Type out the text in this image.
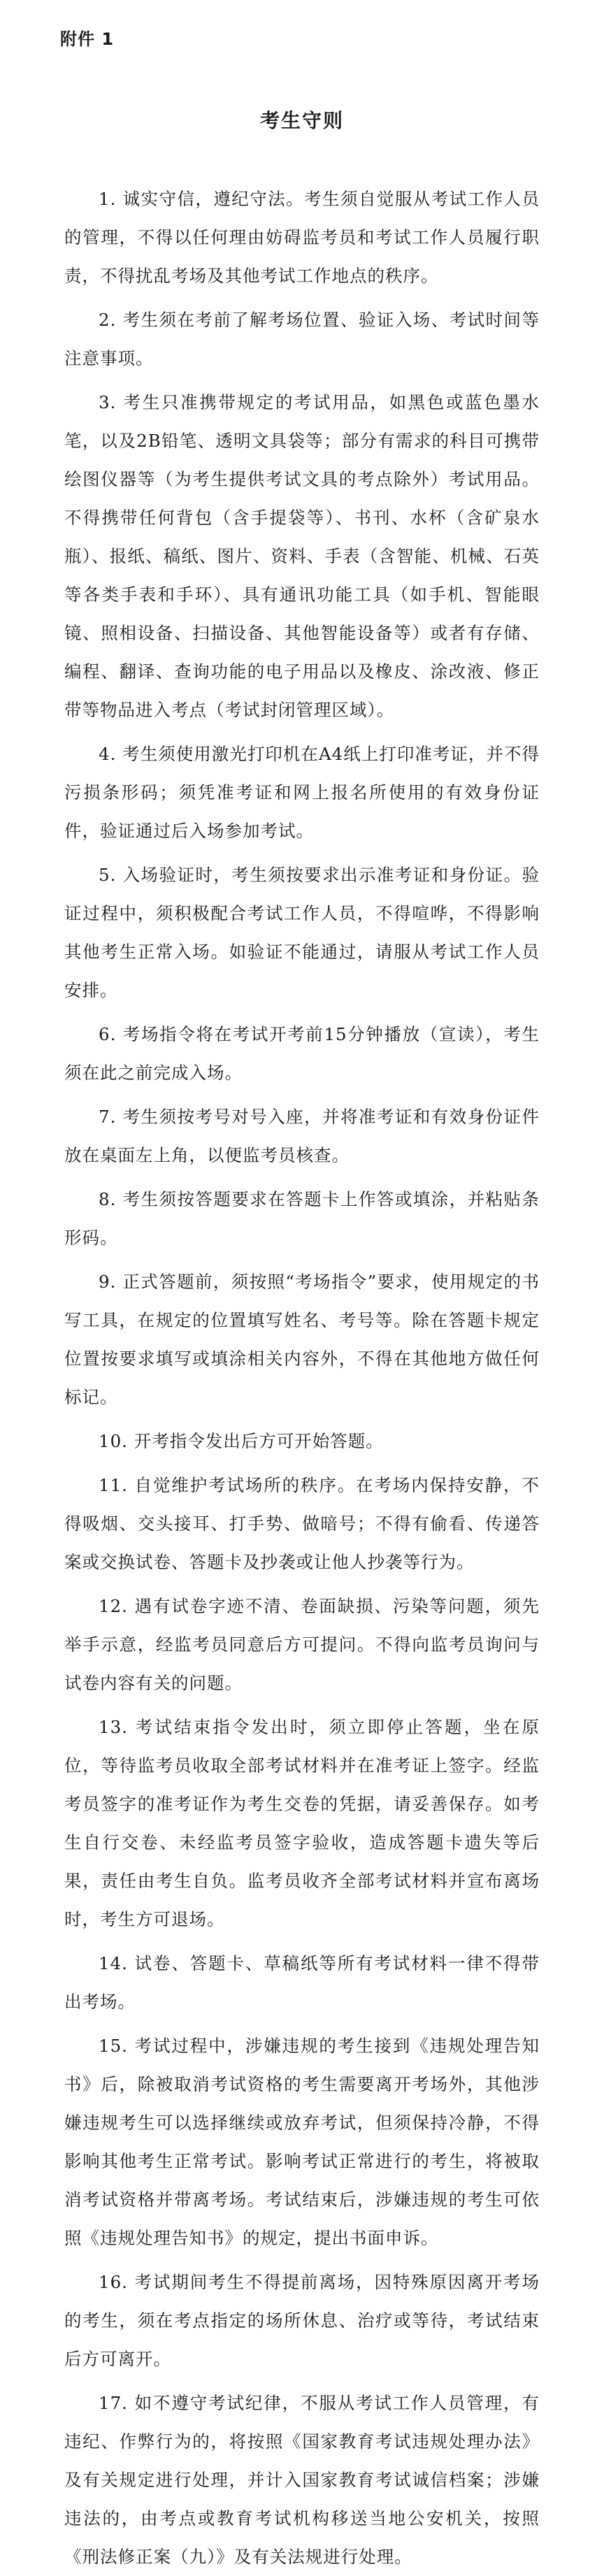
附件 1
考生守则

1. 诚实守信，遵纪守法。考生须自觉服从考试工作人员的管理，不得以任何理由妨碍监考员和考试工作人员履行职责，不得扰乱考场及其他考试工作地点的秩序。

2. 考生须在考前了解考场位置、验证入场、考试时间等注意事项。

3. 考生只准携带规定的考试用品，如黑色或蓝色墨水笔，以及2B铅笔、透明文具袋等；部分有需求的科目可携带绘图仪器等（为考生提供考试文具的考点除外）考试用品。不得携带任何背包（含手提袋等）、书刊、水杯（含矿泉水瓶）、报纸、稿纸、图片、资料、手表（含智能、机械、石英等各类手表和手环）、具有通讯功能工具（如手机、智能眼镜、照相设备、扫描设备、其他智能设备等）或者有存储、编程、翻译、查询功能的电子用品以及橡皮、涂改液、修正带等物品进入考点（考试封闭管理区域）。

4. 考生须使用激光打印机在A4纸上打印准考证，并不得污损条形码；须凭准考证和网上报名所使用的有效身份证件，验证通过后入场参加考试。

5. 入场验证时，考生须按要求出示准考证和身份证。验证过程中，须积极配合考试工作人员，不得喧哗，不得影响其他考生正常入场。如验证不能通过，请服从考试工作人员安排。

6. 考场指令将在考试开考前15分钟播放（宣读），考生须在此之前完成入场。

7. 考生须按考号对号入座，并将准考证和有效身份证件放在桌面左上角，以便监考员核查。

8. 考生须按答题要求在答题卡上作答或填涂，并粘贴条形码。

9. 正式答题前，须按照“考场指令”要求，使用规定的书写工具，在规定的位置填写姓名、考号等。除在答题卡规定位置按要求填写或填涂相关内容外，不得在其他地方做任何标记。

10. 开考指令发出后方可开始答题。

11. 自觉维护考试场所的秩序。在考场内保持安静，不得吸烟、交头接耳、打手势、做暗号；不得有偷看、传递答案或交换试卷、答题卡及抄袭或让他人抄袭等行为。

12. 遇有试卷字迹不清、卷面缺损、污染等问题，须先举手示意，经监考员同意后方可提问。不得向监考员询问与试卷内容有关的问题。

13. 考试结束指令发出时，须立即停止答题，坐在原位，等待监考员收取全部考试材料并在准考证上签字。经监考员签字的准考证作为考生交卷的凭据，请妥善保存。如考生自行交卷、未经监考员签字验收，造成答题卡遗失等后果，责任由考生自负。监考员收齐全部考试材料并宣布离场时，考生方可退场。

14. 试卷、答题卡、草稿纸等所有考试材料一律不得带出考场。

15. 考试过程中，涉嫌违规的考生接到《违规处理告知书》后，除被取消考试资格的考生需要离开考场外，其他涉嫌违规考生可以选择继续或放弃考试，但须保持冷静，不得影响其他考生正常考试。影响考试正常进行的考生，将被取消考试资格并带离考场。考试结束后，涉嫌违规的考生可依照《违规处理告知书》的规定，提出书面申诉。

16. 考试期间考生不得提前离场，因特殊原因离开考场的考生，须在考点指定的场所休息、治疗或等待，考试结束后方可离开。

17. 如不遵守考试纪律，不服从考试工作人员管理，有违纪、作弊行为的，将按照《国家教育考试违规处理办法》及有关规定进行处理，并计入国家教育考试诚信档案；涉嫌违法的，由考点或教育考试机构移送当地公安机关，按照《刑法修正案（九）》及有关法规进行处理。
